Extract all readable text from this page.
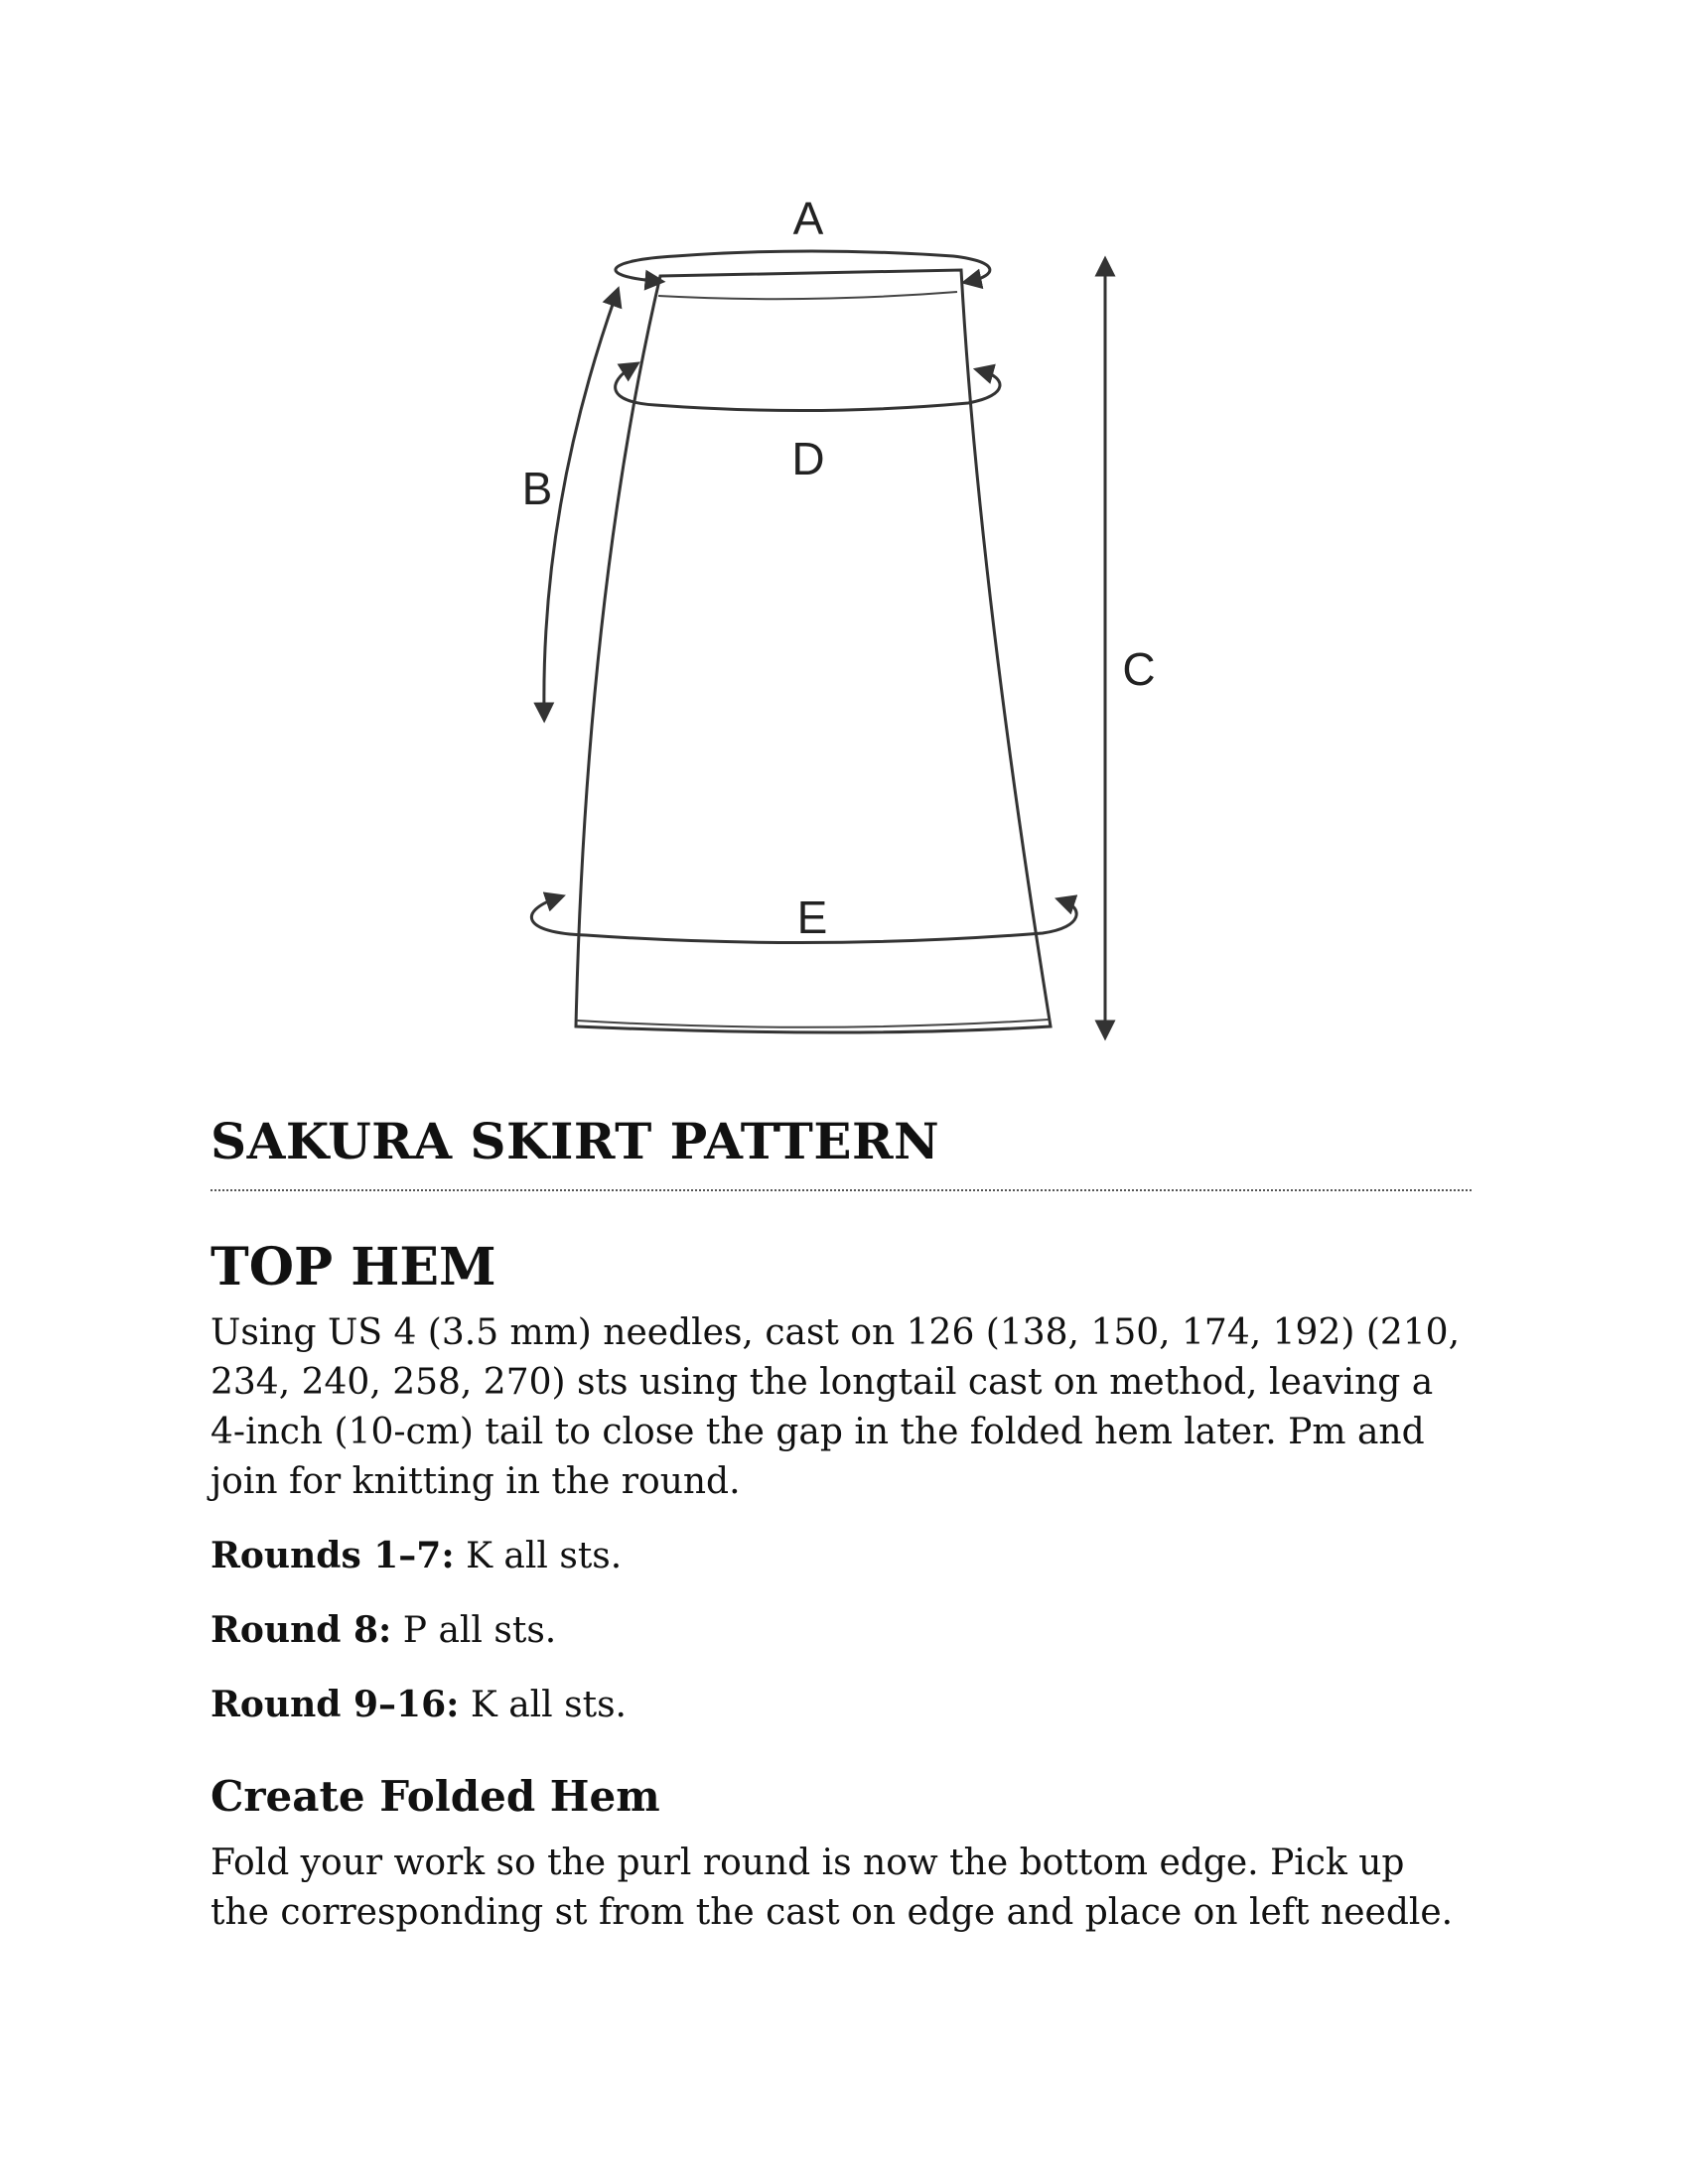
A
D
E
B
C
SAKURA SKIRT PATTERN
TOP HEM

Using US 4 (3.5 mm) needles, cast on 126 (138, 150, 174, 192) (210, 234, 240, 258, 270) sts using the longtail cast on method, leaving a 4-inch (10-cm) tail to close the gap in the folded hem later. Pm and join for knitting in the round.

Rounds 1–7: K all sts.

Round 8: P all sts.

Round 9–16: K all sts.

Create Folded Hem

Fold your work so the purl round is now the bottom edge. Pick up the corresponding st from the cast on edge and place on left needle.
